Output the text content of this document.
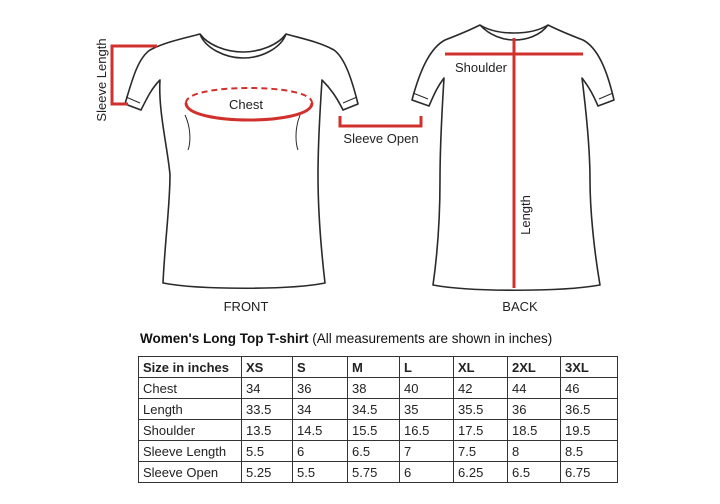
Sleeve Length	Chest
Sleeve Open
Shoulder
Length
FRONT	BACK
Women's Long Top T-shirt (All measurements are shown in inches)
Size in inches	XS	S	M	L	XL	2XL	3XL
Chest	34	36	38	40	42	44	46
Length	33.5	34	34.5	35	35.5	36	36.5
Shoulder	13.5	14.5	15.5	16.5	17.5	18.5	19.5
Sleeve Length	5.5	6	6.5	7	7.5	8	8.5
Sleeve Open	5.25	5.5	5.75	6	6.25	6.5	6.75
